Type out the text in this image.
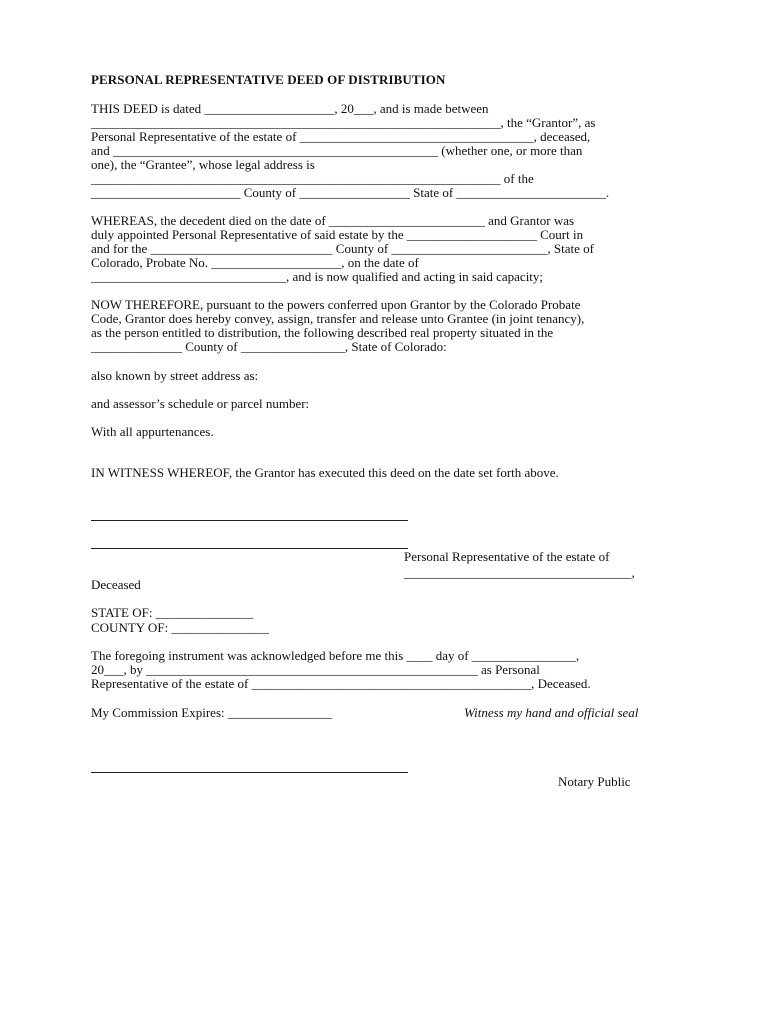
PERSONAL REPRESENTATIVE DEED OF DISTRIBUTION
THIS DEED is dated ____________________, 20___, and is made between
_______________________________________________________________, the “Grantor”, as
Personal Representative of the estate of ____________________________________, deceased,
and __________________________________________________ (whether one, or more than
one), the “Grantee”, whose legal address is
_______________________________________________________________ of the
_______________________ County of _________________ State of _______________________.
WHEREAS, the decedent died on the date of ________________________ and Grantor was
duly appointed Personal Representative of said estate by the ____________________ Court in
and for the ____________________________ County of ________________________, State of
Colorado, Probate No. ____________________, on the date of
______________________________, and is now qualified and acting in said capacity;
NOW THEREFORE, pursuant to the powers conferred upon Grantor by the Colorado Probate
Code, Grantor does hereby convey, assign, transfer and release unto Grantee (in joint tenancy),
as the person entitled to distribution, the following described real property situated in the
______________ County of ________________, State of Colorado:
also known by street address as:
and assessor’s schedule or parcel number:
With all appurtenances.
IN WITNESS WHEREOF, the Grantor has executed this deed on the date set forth above.
Personal Representative of the estate of
___________________________________,
Deceased
STATE OF: _______________
COUNTY OF: _______________
The foregoing instrument was acknowledged before me this ____ day of ________________,
20___, by ___________________________________________________ as Personal
Representative of the estate of ___________________________________________, Deceased.
My Commission Expires: ________________	Witness my hand and official seal
Notary Public
